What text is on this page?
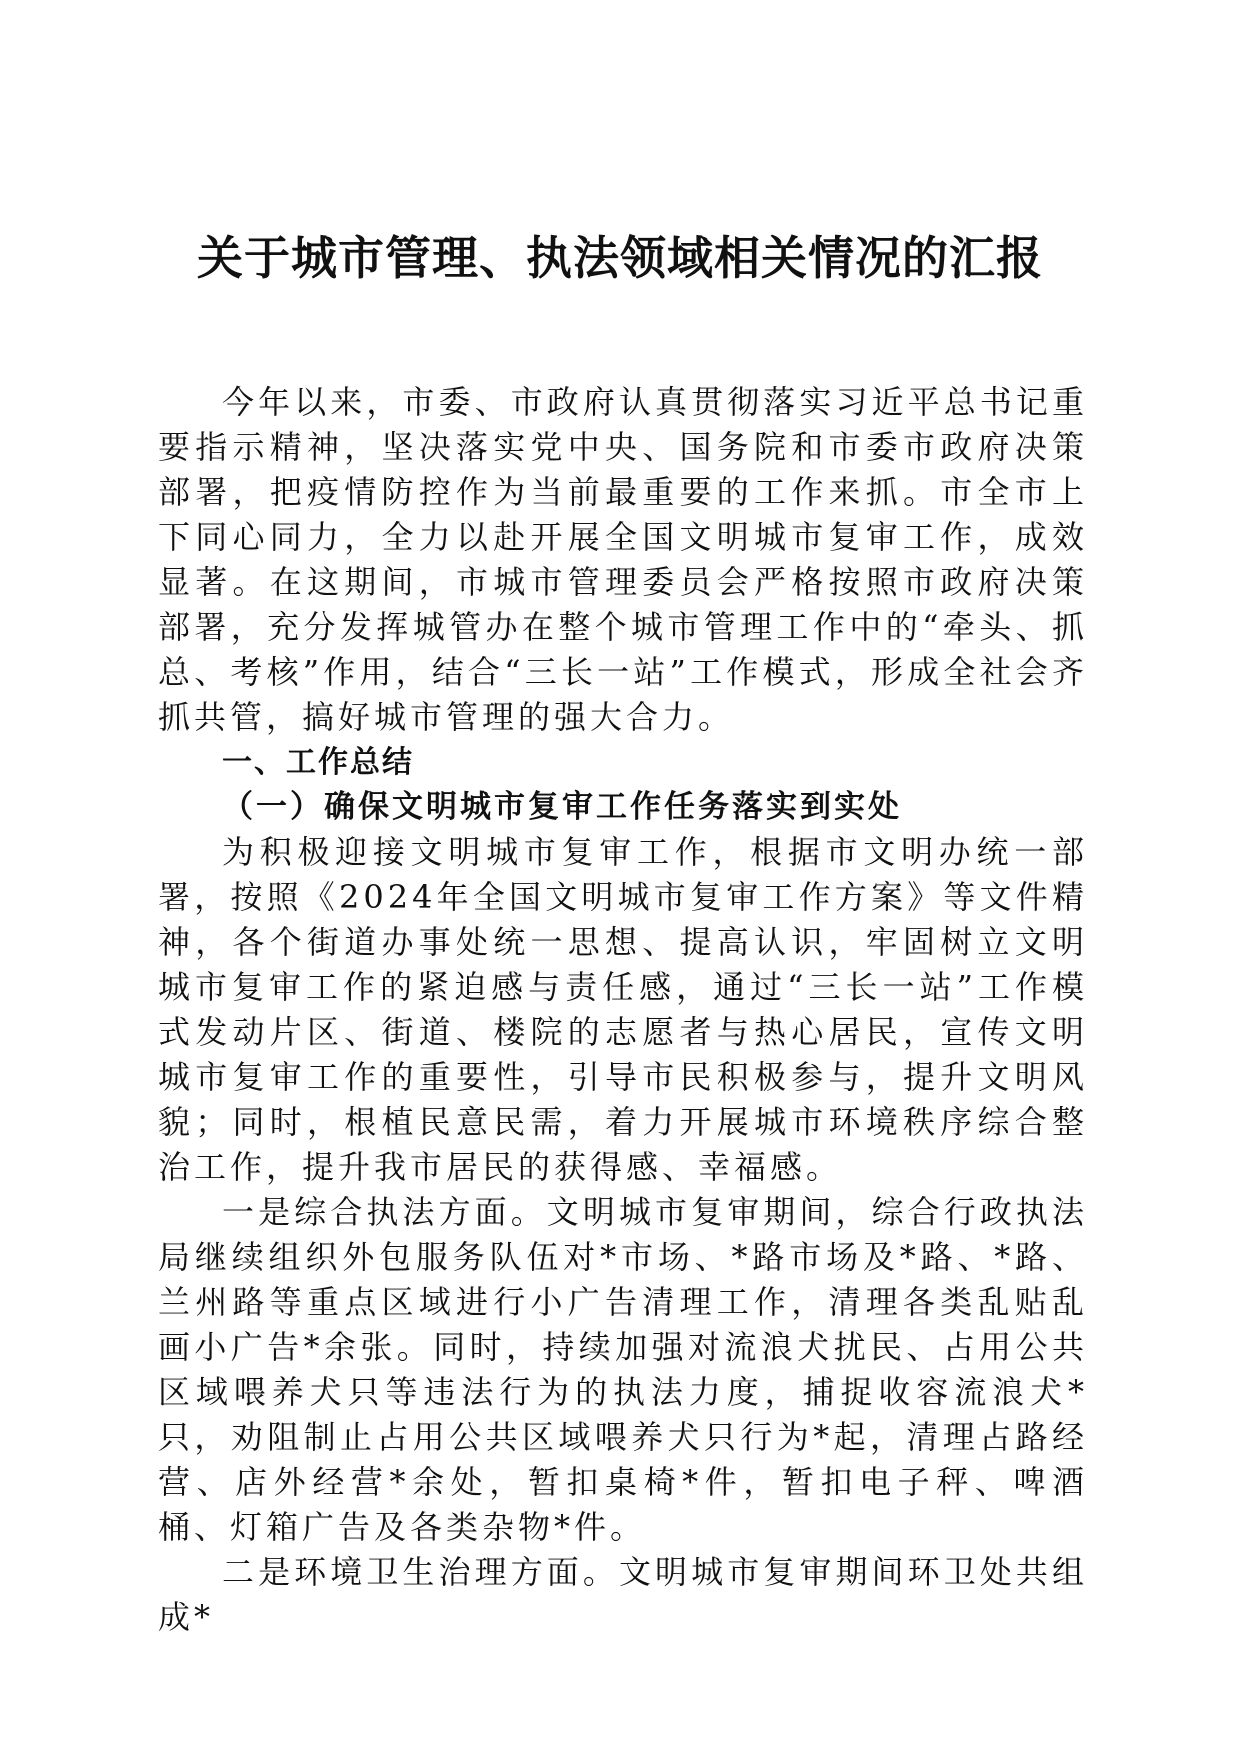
关于城市管理、执法领域相关情况的汇报

今年以来，市委、市政府认真贯彻落实习近平总书记重要指示精神，坚决落实党中央、国务院和市委市政府决策部署，把疫情防控作为当前最重要的工作来抓。市全市上下同心同力，全力以赴开展全国文明城市复审工作，成效显著。在这期间，市城市管理委员会严格按照市政府决策部署，充分发挥城管办在整个城市管理工作中的“牵头、抓总、考核”作用，结合“三长一站”工作模式，形成全社会齐抓共管，搞好城市管理的强大合力。

一、工作总结

（一）确保文明城市复审工作任务落实到实处

为积极迎接文明城市复审工作，根据市文明办统一部署，按照《2024年全国文明城市复审工作方案》等文件精神，各个街道办事处统一思想、提高认识，牢固树立文明城市复审工作的紧迫感与责任感，通过“三长一站”工作模式发动片区、街道、楼院的志愿者与热心居民，宣传文明城市复审工作的重要性，引导市民积极参与，提升文明风貌；同时，根植民意民需，着力开展城市环境秩序综合整治工作，提升我市居民的获得感、幸福感。

一是综合执法方面。文明城市复审期间，综合行政执法局继续组织外包服务队伍对*市场、*路市场及*路、*路、兰州路等重点区域进行小广告清理工作，清理各类乱贴乱画小广告*余张。同时，持续加强对流浪犬扰民、占用公共区域喂养犬只等违法行为的执法力度，捕捉收容流浪犬*只，劝阻制止占用公共区域喂养犬只行为*起，清理占路经营、店外经营*余处，暂扣桌椅*件，暂扣电子秤、啤酒桶、灯箱广告及各类杂物*件。

二是环境卫生治理方面。文明城市复审期间环卫处共组成*
